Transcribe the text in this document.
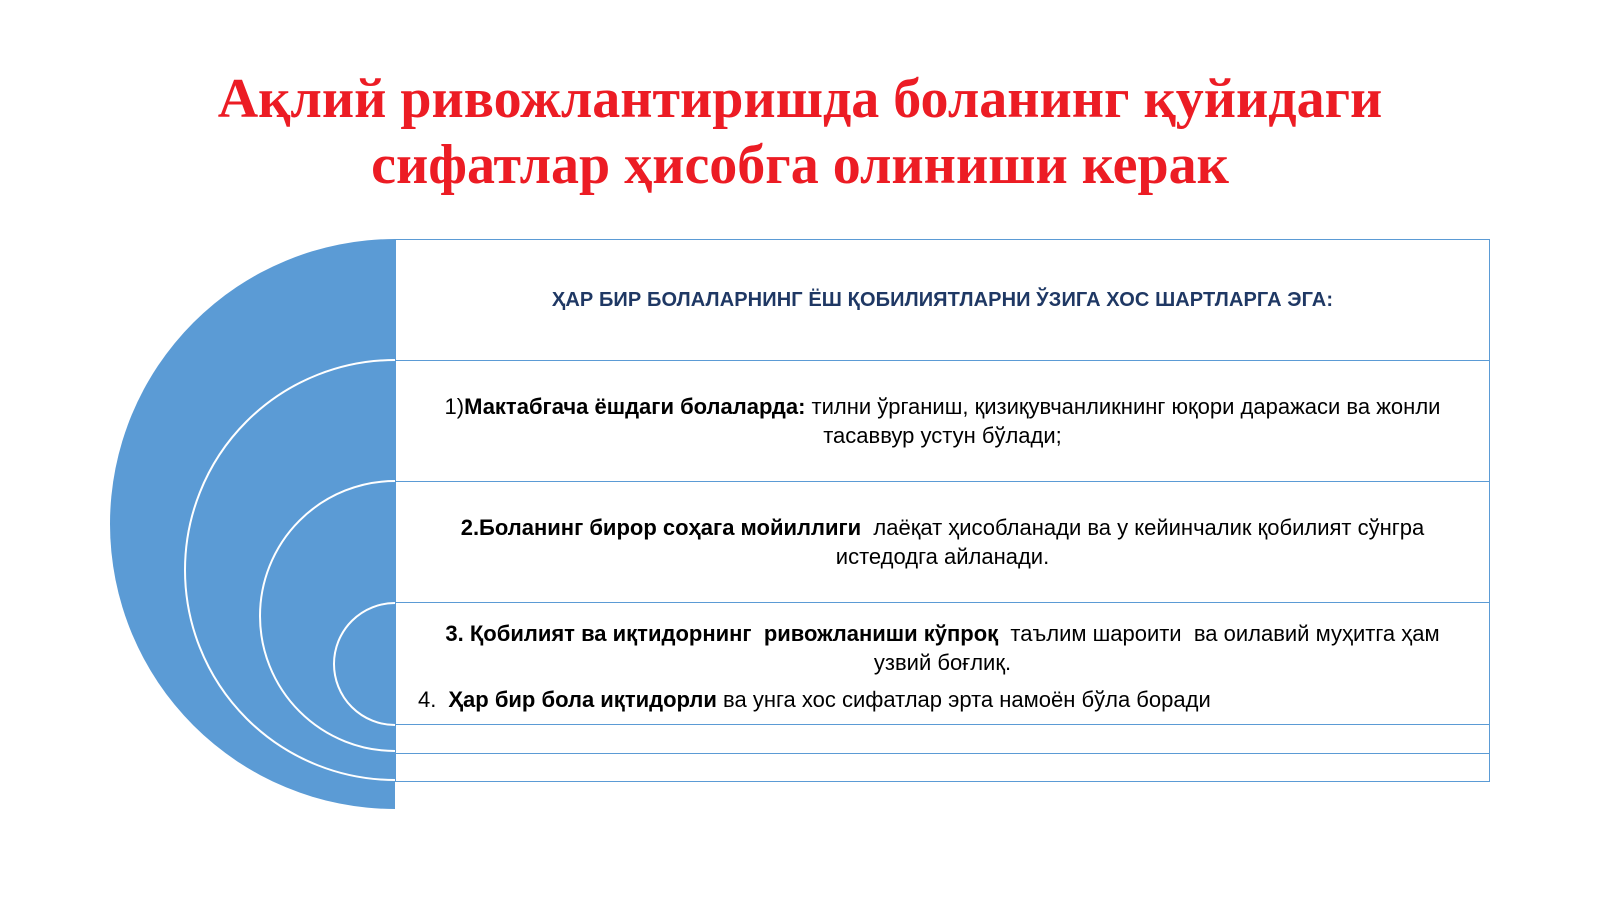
Ақлий ривожлантиришда боланинг қуйидаги
сифатлар ҳисобга олиниши керак
ҲАР БИР БОЛАЛАРНИНГ ЁШ ҚОБИЛИЯТЛАРНИ ЎЗИГА ХОС ШАРТЛАРГА ЭГА:
1)Мактабгача ёшдаги болаларда: тилни ўрганиш, қизиқувчанликнинг юқори даражаси ва жонли тасаввур устун бўлади;
2.Боланинг бирор соҳага мойиллиги  лаёқат ҳисобланади ва у кейинчалик қобилият сўнгра истедодга айланади.
3. Қобилият ва иқтидорнинг  ривожланиши кўпроқ  таълим шароити  ва оилавий муҳитга ҳам узвий боғлиқ.
4. Ҳар бир бола иқтидорли ва унга хос сифатлар эрта намоён бўла боради
